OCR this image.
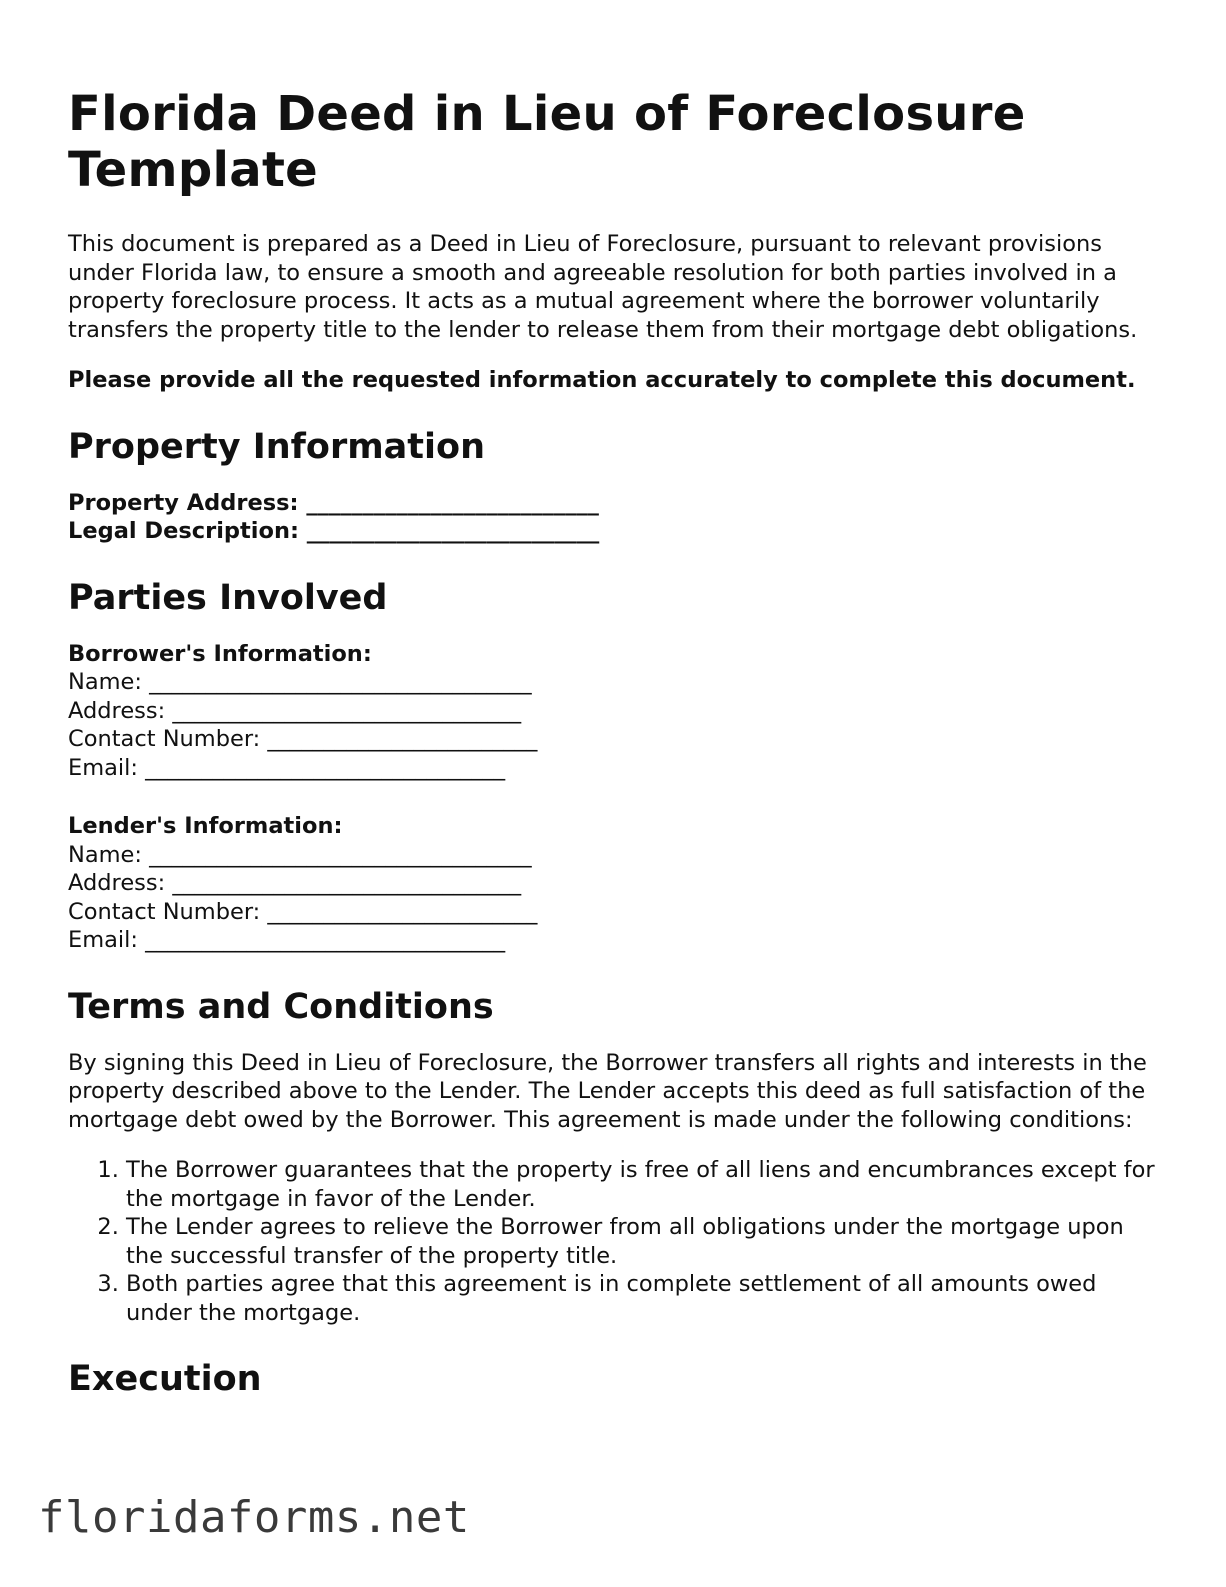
Florida Deed in Lieu of Foreclosure Template

This document is prepared as a Deed in Lieu of Foreclosure, pursuant to relevant provisions under Florida law, to ensure a smooth and agreeable resolution for both parties involved in a property foreclosure process. It acts as a mutual agreement where the borrower voluntarily transfers the property title to the lender to release them from their mortgage debt obligations.

Please provide all the requested information accurately to complete this document.

Property Information
Property Address: __________________________
Legal Description: __________________________
Parties Involved
Borrower's Information:
Name: __________________________________
Address: _______________________________
Contact Number: ________________________
Email: ________________________________
Lender's Information:
Name: __________________________________
Address: _______________________________
Contact Number: ________________________
Email: ________________________________
Terms and Conditions

By signing this Deed in Lieu of Foreclosure, the Borrower transfers all rights and interests in the property described above to the Lender. The Lender accepts this deed as full satisfaction of the mortgage debt owed by the Borrower. This agreement is made under the following conditions:

1. The Borrower guarantees that the property is free of all liens and encumbrances except for the mortgage in favor of the Lender.
2. The Lender agrees to relieve the Borrower from all obligations under the mortgage upon the successful transfer of the property title.
3. Both parties agree that this agreement is in complete settlement of all amounts owed under the mortgage.
Execution
floridaforms.net
